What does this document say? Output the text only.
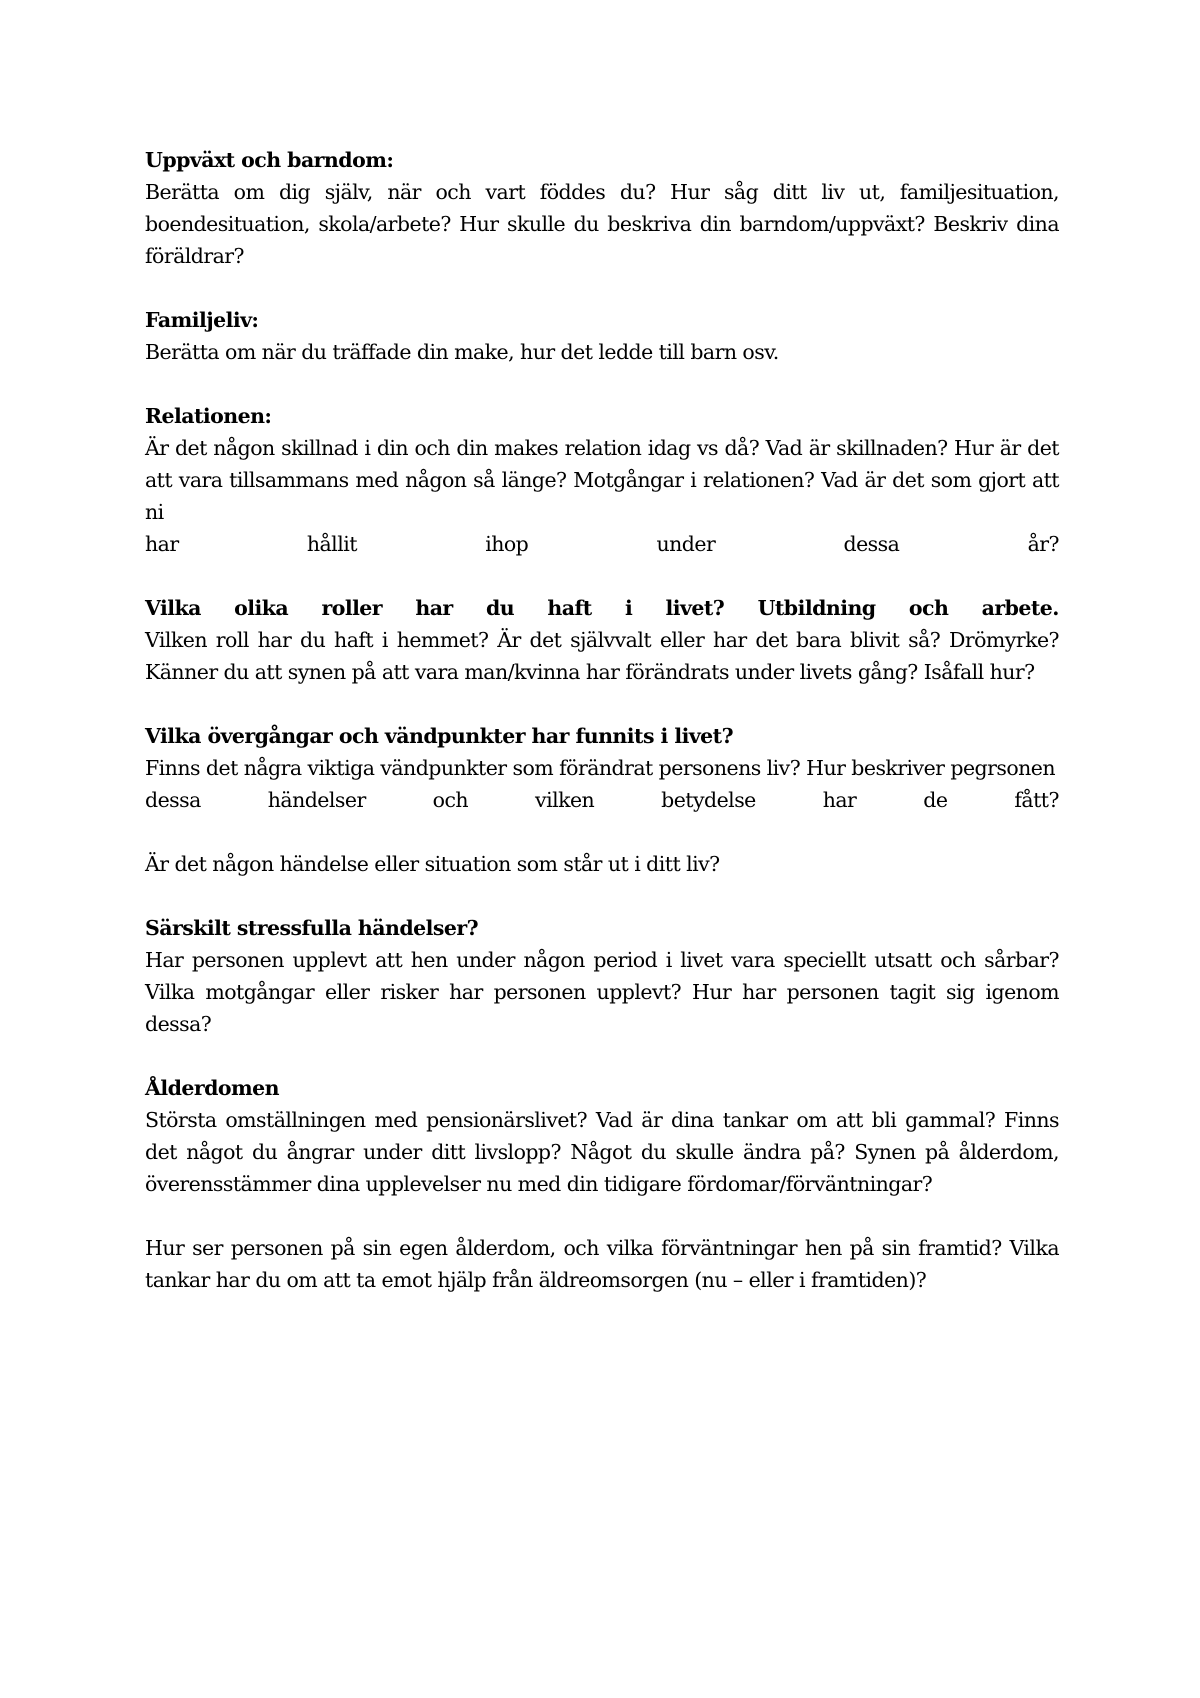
Uppväxt och barndom:

Berätta om dig själv, när och vart föddes du? Hur såg ditt liv ut, familjesituation, boendesituation, skola/arbete? Hur skulle du beskriva din barndom/uppväxt? Beskriv dina föräldrar?

Familjeliv:

Berätta om när du träffade din make, hur det ledde till barn osv.

Relationen:

Är det någon skillnad i din och din makes relation idag vs då? Vad är skillnaden? Hur är det att vara tillsammans med någon så länge? Motgångar i relationen? Vad är det som gjort att ni

har	hållit	ihop	under	dessa	år?
Vilka olika roller har du haft i livet? Utbildning och arbete.

Vilken roll har du haft i hemmet? Är det självvalt eller har det bara blivit så? Drömyrke? Känner du att synen på att vara man/kvinna har förändrats under livets gång? Isåfall hur?

Vilka övergångar och vändpunkter har funnits i livet?

Finns det några viktiga vändpunkter som förändrat personens liv? Hur beskriver pegrsonen

dessa	händelser	och	vilken	betydelse	har	de	fått?

Är det någon händelse eller situation som står ut i ditt liv?

Särskilt stressfulla händelser?

Har personen upplevt att hen under någon period i livet vara speciellt utsatt och sårbar? Vilka motgångar eller risker har personen upplevt? Hur har personen tagit sig igenom dessa?

Ålderdomen

Största omställningen med pensionärslivet? Vad är dina tankar om att bli gammal? Finns det något du ångrar under ditt livslopp? Något du skulle ändra på? Synen på ålderdom, överensstämmer dina upplevelser nu med din tidigare fördomar/förväntningar?

Hur ser personen på sin egen ålderdom, och vilka förväntningar hen på sin framtid? Vilka tankar har du om att ta emot hjälp från äldreomsorgen (nu – eller i framtiden)?
